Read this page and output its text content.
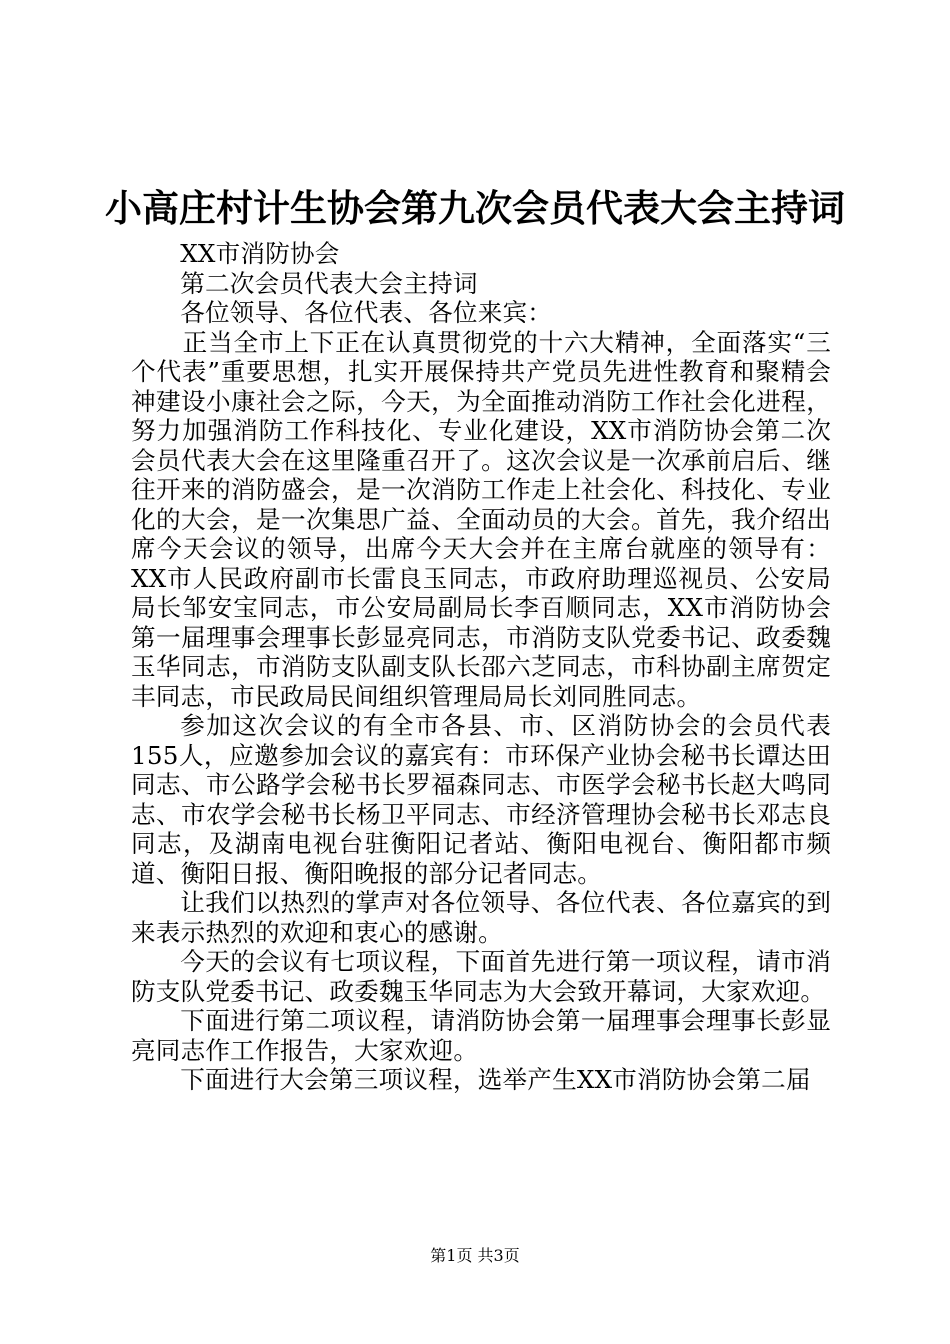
小高庄村计生协会第九次会员代表大会主持词

XX市消防协会

第二次会员代表大会主持词

各位领导、各位代表、各位来宾：

正当全市上下正在认真贯彻党的十六大精神，全面落实“三个代表”重要思想，扎实开展保持共产党员先进性教育和聚精会神建设小康社会之际，今天，为全面推动消防工作社会化进程，努力加强消防工作科技化、专业化建设，XX市消防协会第二次会员代表大会在这里隆重召开了。这次会议是一次承前启后、继往开来的消防盛会，是一次消防工作走上社会化、科技化、专业化的大会，是一次集思广益、全面动员的大会。首先，我介绍出席今天会议的领导，出席今天大会并在主席台就座的领导有：XX市人民政府副市长雷良玉同志，市政府助理巡视员、公安局局长邹安宝同志，市公安局副局长李百顺同志，XX市消防协会第一届理事会理事长彭显亮同志，市消防支队党委书记、政委魏玉华同志，市消防支队副支队长邵六芝同志，市科协副主席贺定丰同志，市民政局民间组织管理局局长刘同胜同志。

参加这次会议的有全市各县、市、区消防协会的会员代表155人，应邀参加会议的嘉宾有：市环保产业协会秘书长谭达田同志、市公路学会秘书长罗福森同志、市医学会秘书长赵大鸣同志、市农学会秘书长杨卫平同志、市经济管理协会秘书长邓志良同志，及湖南电视台驻衡阳记者站、衡阳电视台、衡阳都市频道、衡阳日报、衡阳晚报的部分记者同志。

让我们以热烈的掌声对各位领导、各位代表、各位嘉宾的到来表示热烈的欢迎和衷心的感谢。

今天的会议有七项议程，下面首先进行第一项议程，请市消防支队党委书记、政委魏玉华同志为大会致开幕词，大家欢迎。

下面进行第二项议程，请消防协会第一届理事会理事长彭显亮同志作工作报告，大家欢迎。

下面进行大会第三项议程，选举产生XX市消防协会第二届

第1页 共3页
